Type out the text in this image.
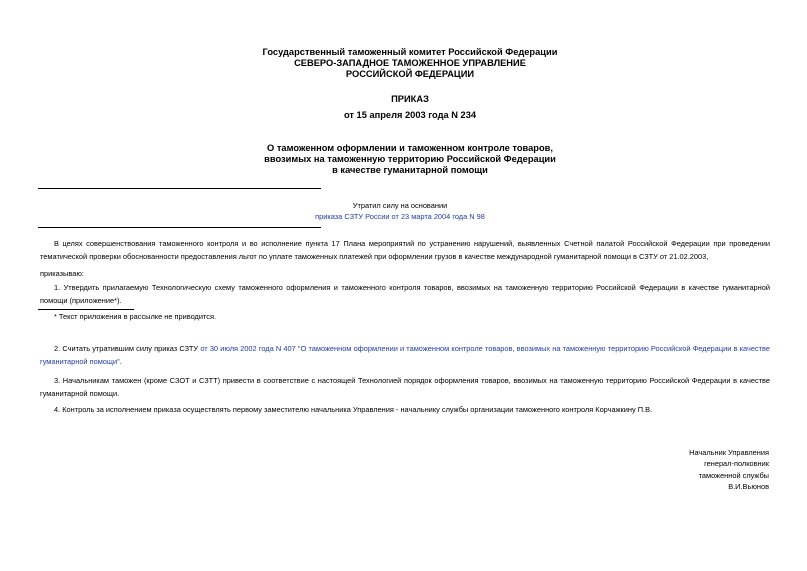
Государственный таможенный комитет Российской Федерации
СЕВЕРО-ЗАПАДНОЕ ТАМОЖЕННОЕ УПРАВЛЕНИЕ
РОССИЙСКОЙ ФЕДЕРАЦИИ
ПРИКАЗ
от 15 апреля 2003 года N 234
О таможенном оформлении и таможенном контроле товаров,
ввозимых на таможенную территорию Российской Федерации
в качестве гуманитарной помощи
Утратил силу на основании
приказа СЗТУ России от 23 марта 2004 года N 98
В целях совершенствования таможенного контроля и во исполнение пункта 17 Плана мероприятий по устранению нарушений, выявленных Счетной палатой Российской Федерации при проведении тематической проверки обоснованности предоставления льгот по уплате таможенных платежей при оформлении грузов в качестве международной гуманитарной помощи в СЗТУ от 21.02.2003,
приказываю:
1. Утвердить прилагаемую Технологическую схему таможенного оформления и таможенного контроля товаров, ввозимых на таможенную территорию Российской Федерации в качестве гуманитарной помощи (приложение*).
* Текст приложения в рассылке не приводится.
2. Считать утратившим силу приказ СЗТУ от 30 июля 2002 года N 407 "О таможенном оформлении и таможенном контроле товаров, ввозимых на таможенную территорию Российской Федерации в качестве гуманитарной помощи".
3. Начальникам таможен (кроме СЗОТ и СЗТТ) привести в соответствие с настоящей Технологией порядок оформления товаров, ввозимых на таможенную территорию Российской Федерации в качестве гуманитарной помощи.
4. Контроль за исполнением приказа осуществлять первому заместителю начальника Управления - начальнику службы организации таможенного контроля Корчажкину П.В.
Начальник Управления
генерал-полковник
таможенной службы
В.И.Вьюнов
